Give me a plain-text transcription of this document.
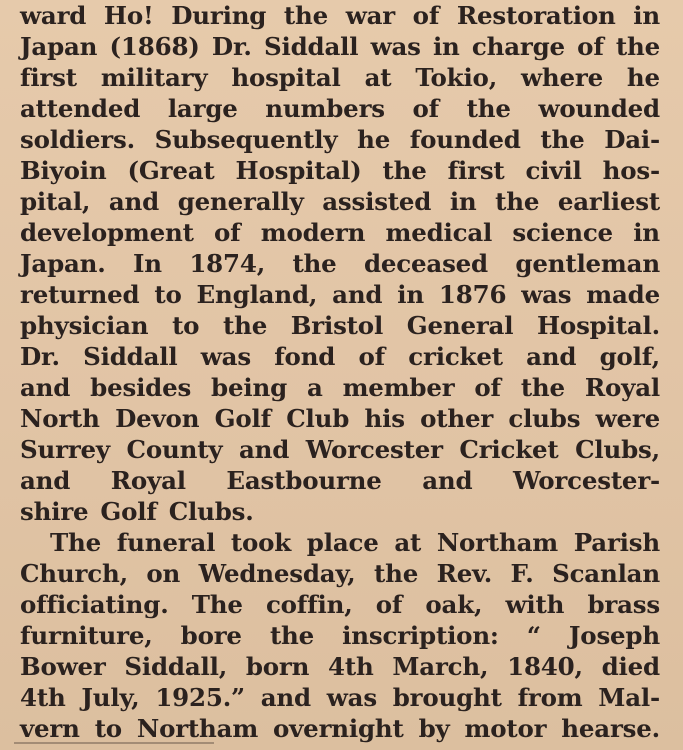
ward Ho! During the war of Restoration in
Japan (1868) Dr. Siddall was in charge of the
first military hospital at Tokio, where he
attended large numbers of the wounded
soldiers. Subsequently he founded the Dai-
Biyoin (Great Hospital) the first civil hos-
pital, and generally assisted in the earliest
development of modern medical science in
Japan. In 1874, the deceased gentleman
returned to England, and in 1876 was made
physician to the Bristol General Hospital.
Dr. Siddall was fond of cricket and golf,
and besides being a member of the Royal
North Devon Golf Club his other clubs were
Surrey County and Worcester Cricket Clubs,
and Royal Eastbourne and Worcester-
shire Golf Clubs.
The funeral took place at Northam Parish
Church, on Wednesday, the Rev. F. Scanlan
officiating. The coffin, of oak, with brass
furniture, bore the inscription: “ Joseph
Bower Siddall, born 4th March, 1840, died
4th July, 1925.” and was brought from Mal-
vern to Northam overnight by motor hearse.
